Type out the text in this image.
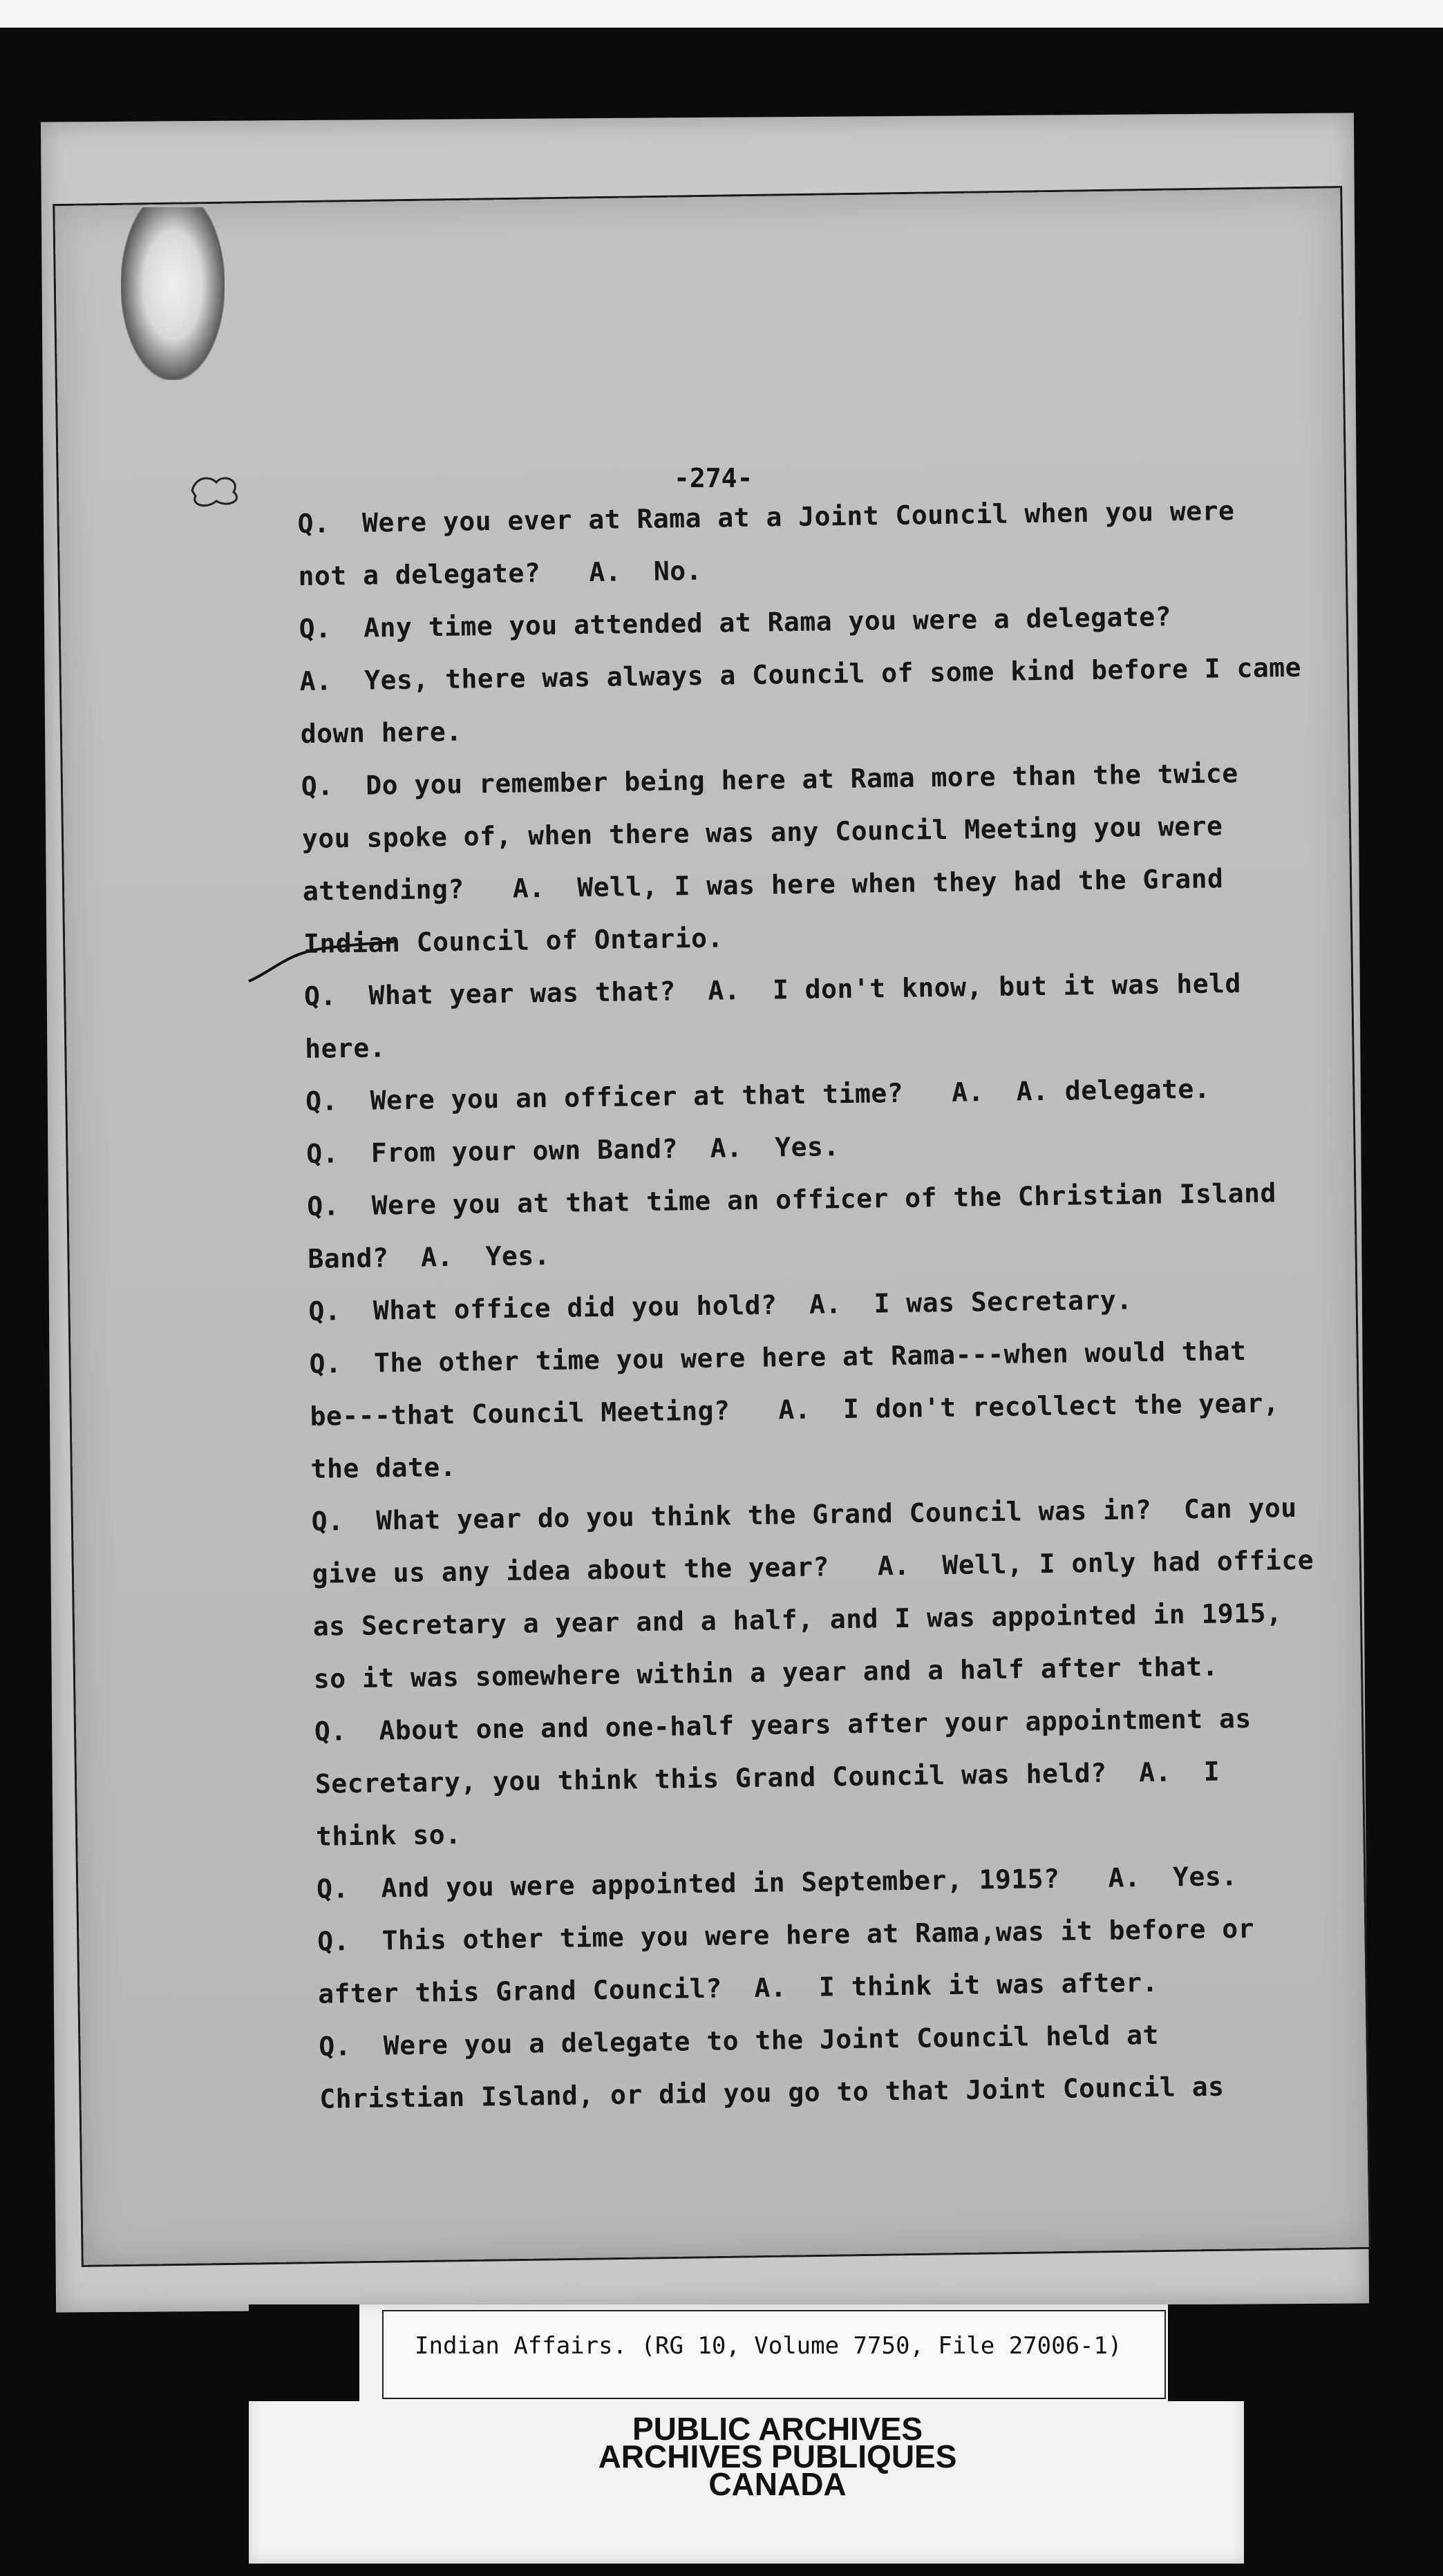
-274-
Q.  Were you ever at Rama at a Joint Council when you were
not a delegate?   A.  No.
Q.  Any time you attended at Rama you were a delegate?
A.  Yes, there was always a Council of some kind before I came
down here.
Q.  Do you remember being here at Rama more than the twice
you spoke of, when there was any Council Meeting you were
attending?   A.  Well, I was here when they had the Grand
Indian Council of Ontario.
Q.  What year was that?  A.  I don't know, but it was held
here.
Q.  Were you an officer at that time?   A.  A. delegate.
Q.  From your own Band?  A.  Yes.
Q.  Were you at that time an officer of the Christian Island
Band?  A.  Yes.
Q.  What office did you hold?  A.  I was Secretary.
Q.  The other time you were here at Rama---when would that
be---that Council Meeting?   A.  I don't recollect the year,
the date.
Q.  What year do you think the Grand Council was in?  Can you
give us any idea about the year?   A.  Well, I only had office
as Secretary a year and a half, and I was appointed in 1915,
so it was somewhere within a year and a half after that.
Q.  About one and one-half years after your appointment as
Secretary, you think this Grand Council was held?  A.  I
think so.
Q.  And you were appointed in September, 1915?   A.  Yes.
Q.  This other time you were here at Rama,was it before or
after this Grand Council?  A.  I think it was after.
Q.  Were you a delegate to the Joint Council held at
Christian Island, or did you go to that Joint Council as
Indian Affairs. (RG 10, Volume 7750, File 27006-1)
PUBLIC ARCHIVES
ARCHIVES PUBLIQUES
CANADA
